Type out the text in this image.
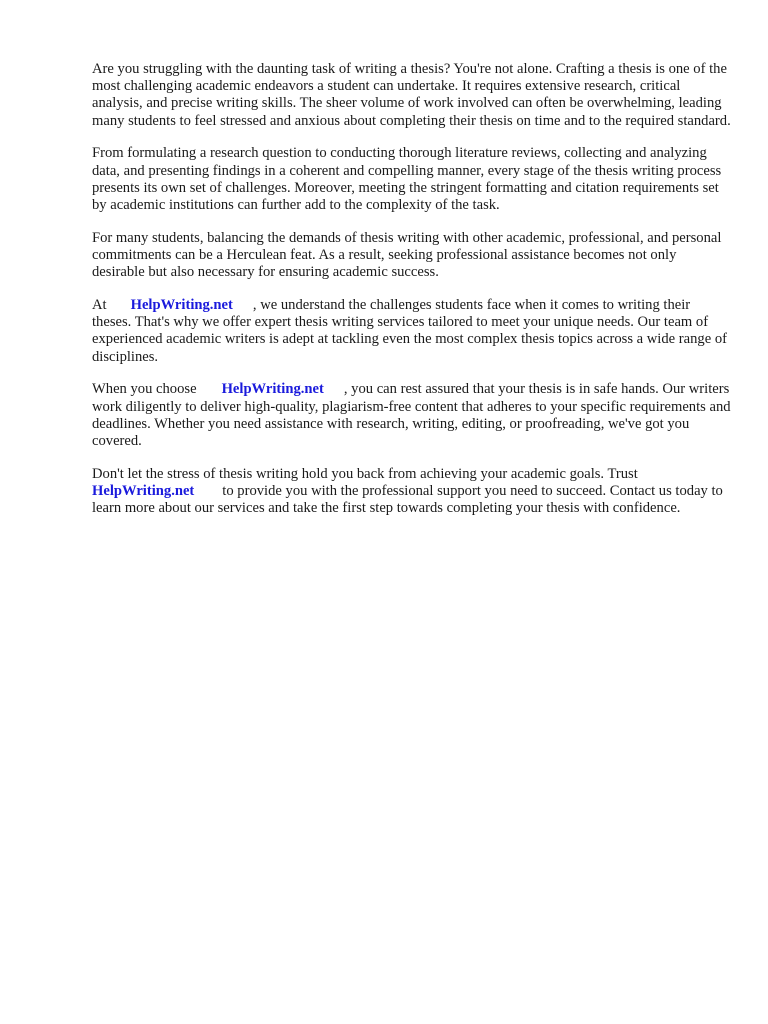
Are you struggling with the daunting task of writing a thesis? You're not alone. Crafting a thesis is one of the most challenging academic endeavors a student can undertake. It requires extensive research, critical analysis, and precise writing skills. The sheer volume of work involved can often be overwhelming, leading many students to feel stressed and anxious about completing their thesis on time and to the required standard.

From formulating a research question to conducting thorough literature reviews, collecting and analyzing data, and presenting findings in a coherent and compelling manner, every stage of the thesis writing process presents its own set of challenges. Moreover, meeting the stringent formatting and citation requirements set by academic institutions can further add to the complexity of the task.

For many students, balancing the demands of thesis writing with other academic, professional, and personal commitments can be a Herculean feat. As a result, seeking professional assistance becomes not only desirable but also necessary for ensuring academic success.

At HelpWriting.net , we understand the challenges students face when it comes to writing their theses. That's why we offer expert thesis writing services tailored to meet your unique needs. Our team of experienced academic writers is adept at tackling even the most complex thesis topics across a wide range of disciplines.

When you choose HelpWriting.net , you can rest assured that your thesis is in safe hands. Our writers work diligently to deliver high-quality, plagiarism-free content that adheres to your specific requirements and deadlines. Whether you need assistance with research, writing, editing, or proofreading, we've got you covered.

Don't let the stress of thesis writing hold you back from achieving your academic goals. Trust HelpWriting.net to provide you with the professional support you need to succeed. Contact us today to learn more about our services and take the first step towards completing your thesis with confidence.
